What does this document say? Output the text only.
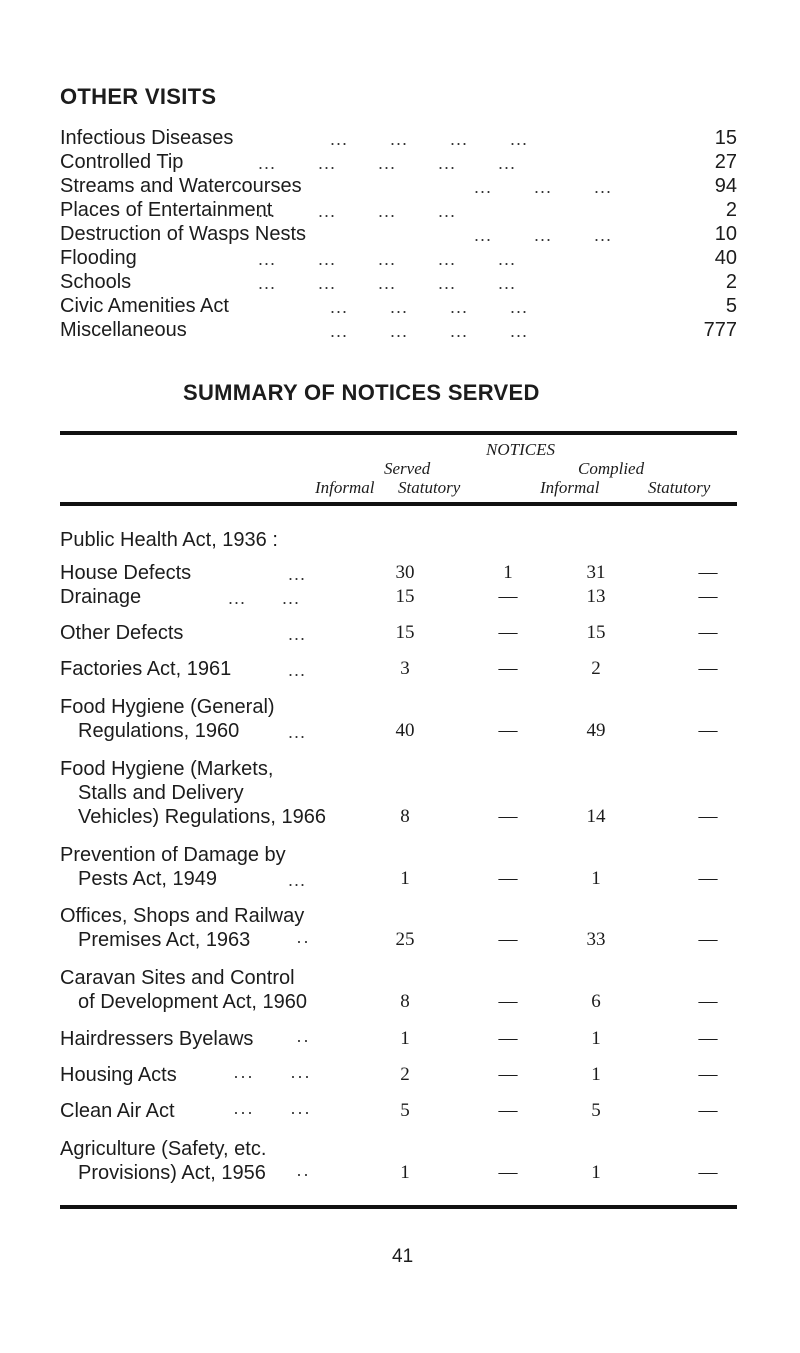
OTHER VISITS
Infectious Diseases	15
Controlled Tip	27
Streams and Watercourses	94
Places of Entertainment	2
Destruction of Wasps Nests	10
Flooding	40
Schools	2
Civic Amenities Act	5
Miscellaneous	777
...       ...       ...       ...
...       ...       ...       ...       ...
...       ...       ...
...       ...       ...       ...
...       ...       ...
...       ...       ...       ...       ...
...       ...       ...       ...       ...
...       ...       ...       ...
...       ...       ...       ...
SUMMARY OF NOTICES SERVED
NOTICES
Served	Complied
Informal Statutory	Informal	Statutory
Public Health Act, 1936 :
House Defects	...	30	1	31	—
Drainage	...      ...	15	—	13	—
Other Defects	...	15	—	15	—
Factories Act, 1961	...	3	—	2	—
Food Hygiene (General)
Regulations, 1960	...	40	—	49	—
Food Hygiene (Markets,
Stalls and Delivery
Vehicles) Regulations, 1966	8	—	14	—
Prevention of Damage by
Pests Act, 1949	...	1	—	1	—
Offices, Shops and Railway
Premises Act, 1963	··	25	—	33	—
Caravan Sites and Control
of Development Act, 1960	8	—	6	—
Hairdressers Byelaws ··	1	—	1	—
Housing Acts	···      ···	2	—	1	—
Clean Air Act	···      ···	5	—	5	—
Agriculture (Safety, etc.
Provisions) Act, 1956 ··	1	—	1	—
41
